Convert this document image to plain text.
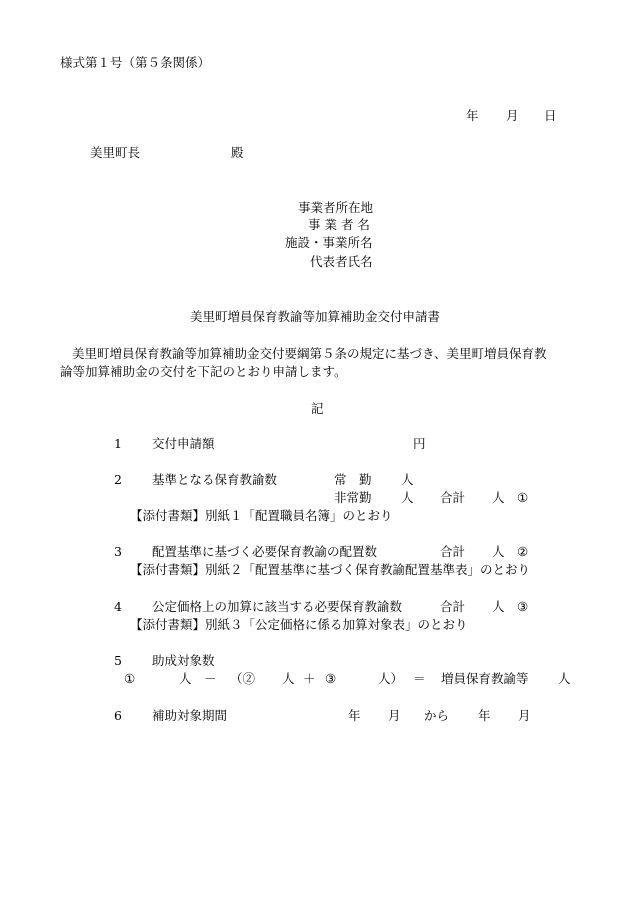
様式第１号（第５条関係）
年 月 日
美里町長	殿
事業者所在地
事 業 者 名
施設・事業所名
代表者氏名
美里町増員保育教諭等加算補助金交付申請書
美里町増員保育教諭等加算補助金交付要綱第５条の規定に基づき、美里町増員保育教
論等加算補助金の交付を下記のとおり申請します。
記
1 交付申請額	円
2 基準となる保育教諭数	常　勤 人
非常勤 人 合計 人 ①
【添付書類】別紙１「配置職員名簿」のとおり
3 配置基準に基づく必要保育教諭の配置数	合計 人 ②
【添付書類】別紙２「配置基準に基づく保育教諭配置基準表」のとおり
4 公定価格上の加算に該当する必要保育教諭数	合計 人 ③
【添付書類】別紙３「公定価格に係る加算対象表」のとおり
5 助成対象数
①	人 － （② 人 ＋ ③	人） ＝ 増員保育教諭等 人
6 補助対象期間	年 月 から 年 月
